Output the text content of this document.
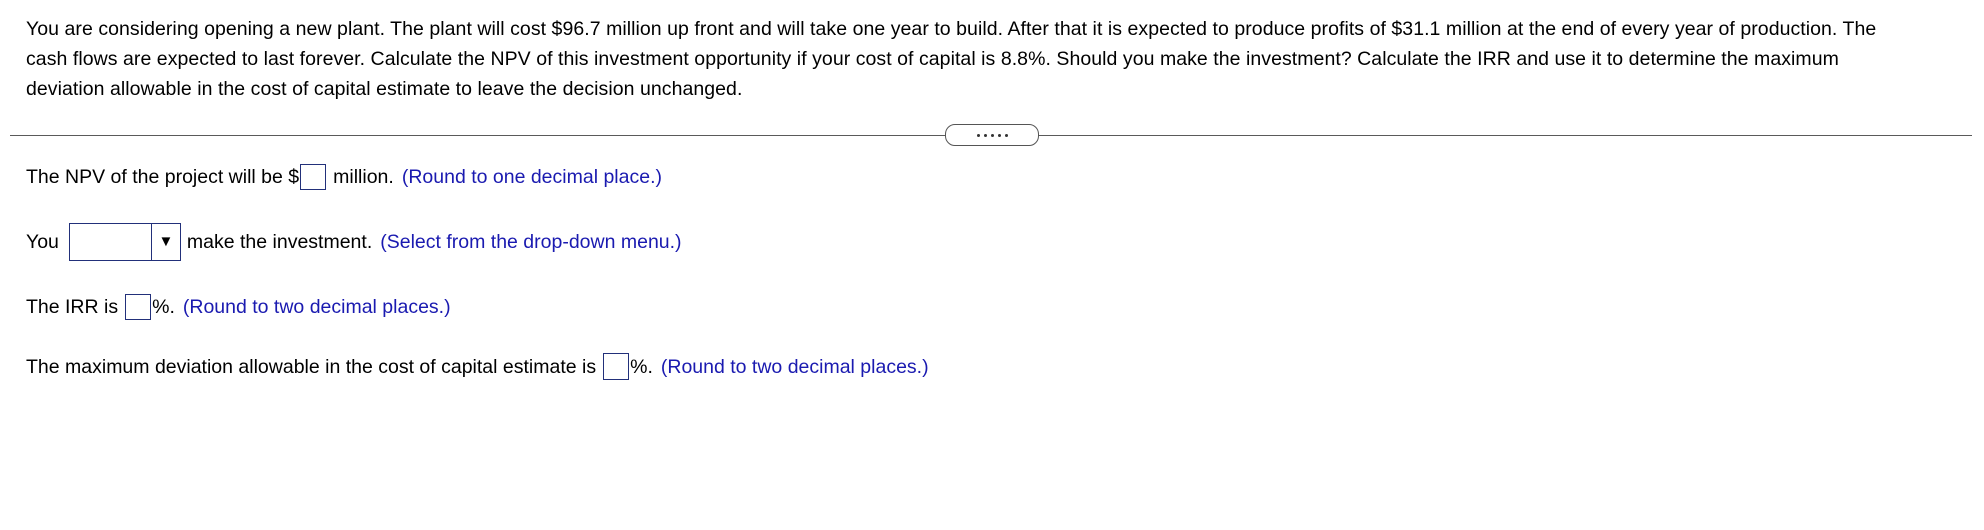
You are considering opening a new plant. The plant will cost $96.7 million up front and will take one year to build. After that it is expected to produce profits of $31.1 million at the end of every year of production. The cash flows are expected to last forever. Calculate the NPV of this investment opportunity if your cost of capital is 8.8%. Should you make the investment? Calculate the IRR and use it to determine the maximum deviation allowable in the cost of capital estimate to leave the decision unchanged.
The NPV of the project will be $ million. (Round to one decimal place.)
You	▼ make the investment. (Select from the drop-down menu.)
The IRR is %. (Round to two decimal places.)
The maximum deviation allowable in the cost of capital estimate is %. (Round to two decimal places.)
